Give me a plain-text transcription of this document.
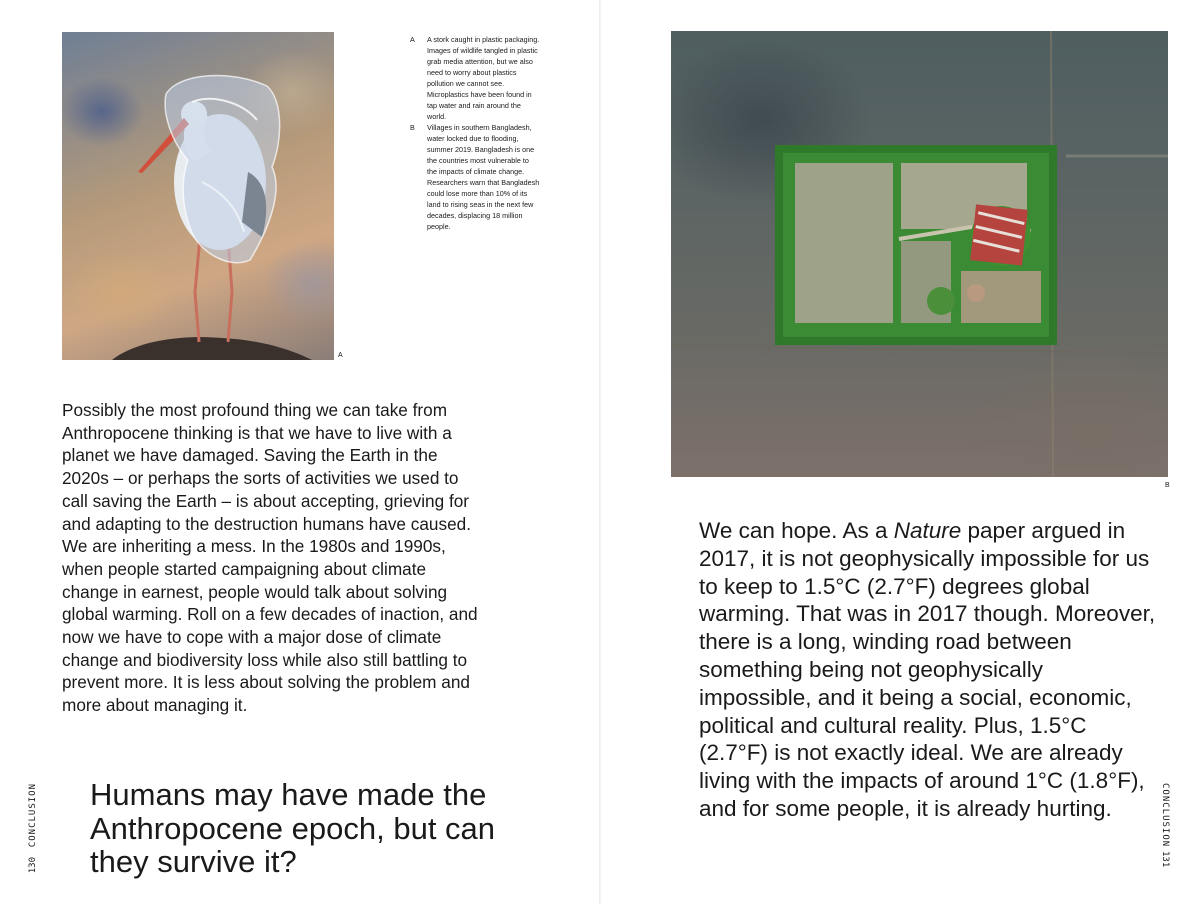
A
A	A stork caught in plastic packaging. Images of wildlife tangled in plastic grab media attention, but we also need to worry about plastics pollution we cannot see. Microplastics have been found in tap water and rain around the world.
B	Villages in southern Bangladesh, water locked due to flooding, summer 2019. Bangladesh is one the countries most vulnerable to the impacts of climate change. Researchers warn that Bangladesh could lose more than 10% of its land to rising seas in the next few decades, displacing 18 million people.

Possibly the most profound thing we can take from Anthropocene thinking is that we have to live with a planet we have damaged. Saving the Earth in the 2020s – or perhaps the sorts of activities we used to call saving the Earth – is about accepting, grieving for and adapting to the destruction humans have caused. We are inheriting a mess. In the 1980s and 1990s, when people started campaigning about climate change in earnest, people would talk about solving global warming. Roll on a few decades of inaction, and now we have to cope with a major dose of climate change and biodiversity loss while also still battling to prevent more. It is less about solving the problem and more about managing it.

Humans may have made the Anthropocene epoch, but can they survive it?
CONCLUSION
130
B

We can hope. As a Nature paper argued in 2017, it is not geophysically impossible for us to keep to 1.5°C (2.7°F) degrees global warming. That was in 2017 though. Moreover, there is a long, winding road between something being not geophysically impossible, and it being a social, economic, political and cultural reality. Plus, 1.5°C (2.7°F) is not exactly ideal. We are already living with the impacts of around 1°C (1.8°F), and for some people, it is already hurting.	CONCLUSION
131
